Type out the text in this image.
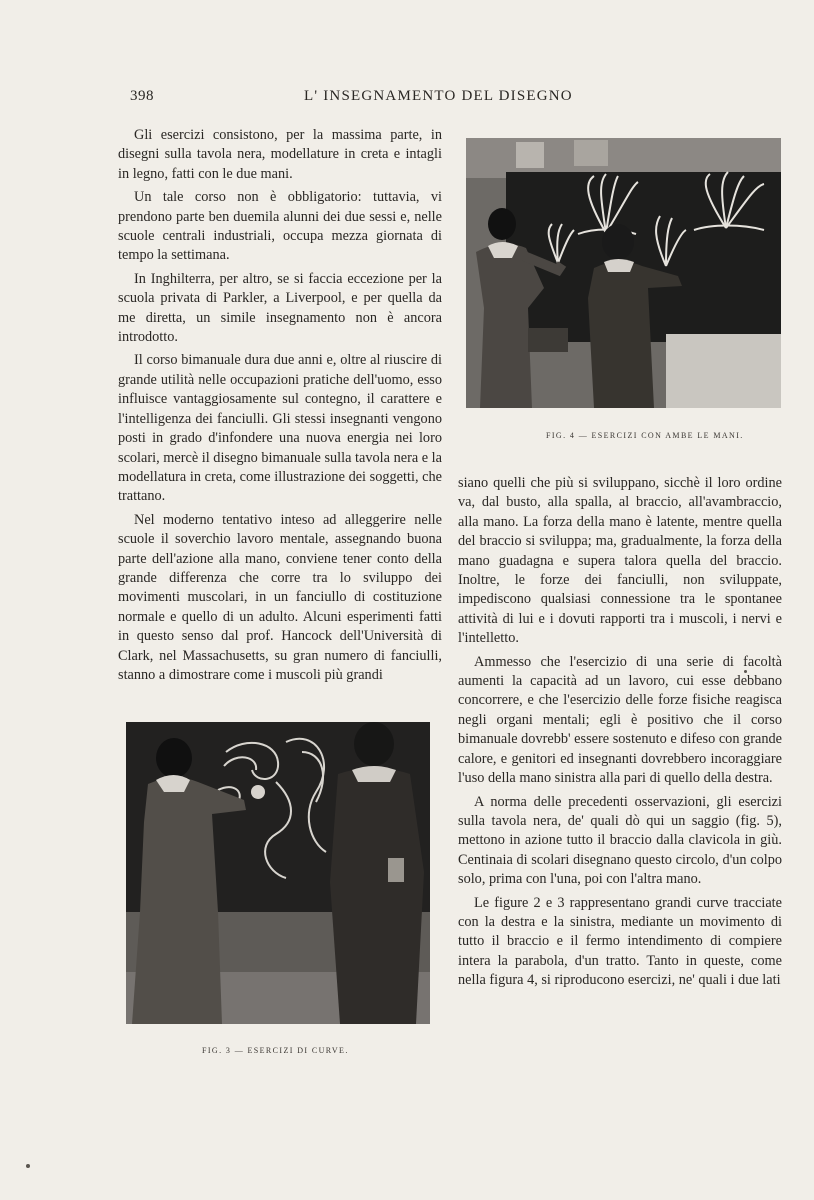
398	L' INSEGNAMENTO DEL DISEGNO

Gli esercizi consistono, per la massima parte, in disegni sulla tavola nera, modellature in creta e intagli in legno, fatti con le due mani.

Un tale corso non è obbligatorio: tuttavia, vi prendono parte ben duemila alunni dei due sessi e, nelle scuole centrali industriali, occupa mezza giornata di tempo la settimana.

In Inghilterra, per altro, se si faccia eccezione per la scuola privata di Parkler, a Liverpool, e per quella da me diretta, un simile insegnamento non è ancora introdotto.

Il corso bimanuale dura due anni e, oltre al riuscire di grande utilità nelle occupazioni pratiche dell'uomo, esso influisce vantaggiosamente sul contegno, il carattere e l'intelligenza dei fanciulli. Gli stessi insegnanti vengono posti in grado d'infondere una nuova energia nei loro scolari, mercè il disegno bimanuale sulla tavola nera e la modellatura in creta, come illustrazione dei soggetti, che trattano.

Nel moderno tentativo inteso ad alleggerire nelle scuole il soverchio lavoro mentale, assegnando buona parte dell'azione alla mano, conviene tener conto della grande differenza che corre tra lo sviluppo dei movimenti muscolari, in un fanciullo di costituzione normale e quello di un adulto. Alcuni esperimenti fatti in questo senso dal prof. Hancock dell'Università di Clark, nel Massachusetts, su gran numero di fanciulli, stanno a dimostrare come i muscoli più grandi

FIG. 4 — ESERCIZI CON AMBE LE MANI.

siano quelli che più si sviluppano, sicchè il loro ordine va, dal busto, alla spalla, al braccio, all'avambraccio, alla mano. La forza della mano è latente, mentre quella del braccio si sviluppa; ma, gradualmente, la forza della mano guadagna e supera talora quella del braccio. Inoltre, le forze dei fanciulli, non sviluppate, impediscono qualsiasi connessione tra le spontanee attività di lui e i dovuti rapporti tra i muscoli, i nervi e l'intelletto.

Ammesso che l'esercizio di una serie di facoltà aumenti la capacità ad un lavoro, cui esse debbano concorrere, e che l'esercizio delle forze fisiche reagisca negli organi mentali; egli è positivo che il corso bimanuale dovrebb' essere sostenuto e difeso con grande calore, e genitori ed insegnanti dovrebbero incoraggiare l'uso della mano sinistra alla pari di quello della destra.

A norma delle precedenti osservazioni, gli esercizi sulla tavola nera, de' quali dò qui un saggio (fig. 5), mettono in azione tutto il braccio dalla clavicola in giù. Centinaia di scolari disegnano questo circolo, d'un colpo solo, prima con l'una, poi con l'altra mano.

Le figure 2 e 3 rappresentano grandi curve tracciate con la destra e la sinistra, mediante un movimento di tutto il braccio e il fermo intendimento di compiere intera la parabola, d'un tratto. Tanto in queste, come nella figura 4, si riproducono esercizi, ne' quali i due lati

FIG. 3 — ESERCIZI DI CURVE.
